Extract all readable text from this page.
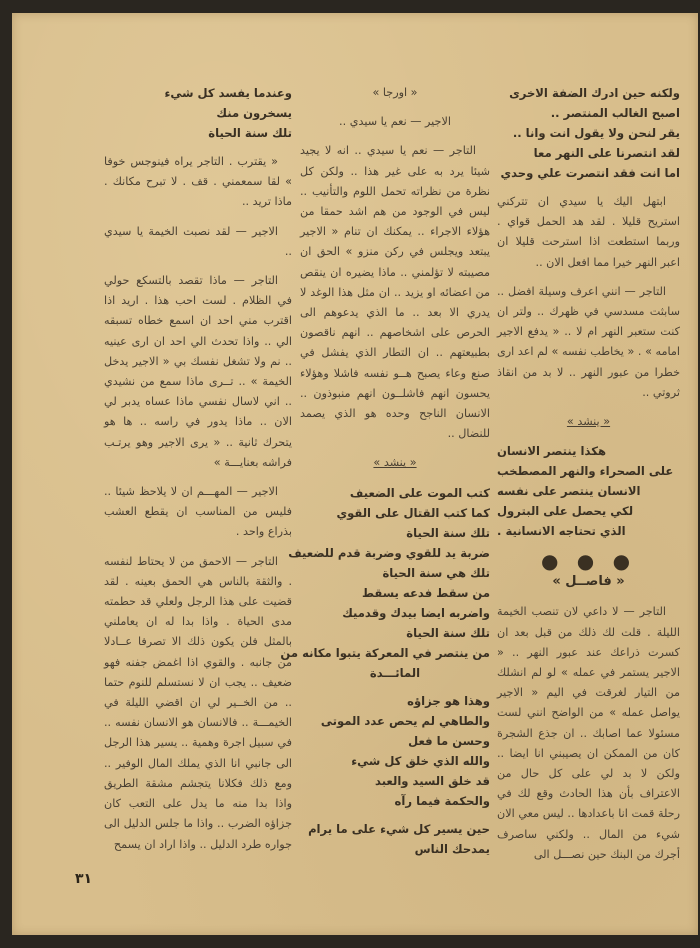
ولكنه حين ادرك الضفة الاخرى
اصبح الغالب المنتصر ..
يقر لنحن ولا يقول انت وانا ..
لقد انتصرنا على النهر معا
اما انت فقد انتصرت علي وحدي

ابتهل اليك يا سيدي ان تتركني استريح قليلا . لقد هد الحمل قواي . وربما استطعت اذا استرحت قليلا ان اعبر النهر خيرا مما افعل الان ..

التاجر — انني اعرف وسيلة افضل .. سابثت مسدسي في ظهرك .. ولتر ان كنت ستعبر النهر ام لا .. « يدفع الاجير امامه » . « يخاطب نفسه » لم اعد ارى خطرا من عبور النهر .. لا بد من انقاذ ثروتي ..

« ينشد »

هكذا ينتصر الانسان
على الصحراء والنهر المصطخب
الانسان ينتصر على نفسه
لكي يحصل على البترول
الذي تحتاجه الانسانية .
● ● ●
« فاصــل »

التاجر — لا داعي لان تنصب الخيمة الليلة . قلت لك ذلك من قبل بعد ان كسرت ذراعك عند عبور النهر .. « الاجير يستمر في عمله » لو لم انشلك من التيار لغرقت في اليم « الاجير يواصل عمله » من الواضح انني لست مسئولا عما اصابك .. ان جذع الشجرة كان من الممكن ان يصيبني انا ايضا .. ولكن لا بد لي على كل حال من الاعتراف بأن هذا الحادث وقع لك في رحلة قمت انا باعدادها .. ليس معي الان شيء من المال .. ولكني ساصرف أجرك من البنك حين نصـــل الى

« اورجا »

الاجير — نعم يا سيدي ..

التاجر — نعم يا سيدي .. انه لا يجيد شيئا يرد به على غير هذا .. ولكن كل نظرة من نظراته تحمل اللوم والتأنيب .. ليس في الوجود من هم اشد حمقا من هؤلاء الاجراء .. يمكنك ان تنام « الاجير يبتعد ويجلس في ركن منزو » الحق ان مصيبته لا تؤلمني .. ماذا يضيره ان ينقص من اعضائه او يزيد .. ان مثل هذا الوغد لا يدري الا بعد .. ما الذي يدعوهم الى الحرص على اشخاصهم .. انهم ناقصون بطبيعتهم .. ان التطار الذي يفشل في صنع وعاء يصبح هــو نفسه فاشلا وهؤلاء يحسون انهم فاشلــون انهم منبوذون .. الانسان الناجح وحده هو الذي يصمد للنضال ..

« ينشد »

كتب الموت على الضعيف
كما كتب القتال على القوي
تلك سنة الحياة
ضربة يد للقوي وضربة قدم للضعيف
تلك هي سنة الحياة
من سقط فدعه يسقط
واضربه ايضا بيدك وقدميك
تلك سنة الحياة
من ينتصر في المعركة يتبوا مكانه من
المائـــدة
وهذا هو جزاؤه
والطاهي لم يحص عدد الموتى
وحسن ما فعل
والله الذي خلق كل شيء
قد خلق السيد والعبد
والحكمة فيما رآه
حين يسير كل شيء على ما يرام
يمدحك الناس
وعندما يفسد كل شيء
يسخرون منك
تلك سنة الحياة

« يقترب . التاجر يراه فينوجس خوفا » لقا سمعمني . قف . لا تبرح مكانك . ماذا تريد ..

الاجير — لقد نصبت الخيمة يا سيدي ..

التاجر — ماذا تقصد بالتسكع حولي في الظلام . لست احب هذا . اريد اذا اقترب مني احد ان اسمع خطاه تسبقه الي .. واذا تحدث الي احد ان ارى عينيه .. نم ولا تشغل نفسك بي « الاجير يدخل الخيمة » .. تــرى ماذا سمع من نشيدي .. اني لاسال نفسي ماذا عساه يدبر لي الان .. ماذا يدور في راسه .. ها هو يتحرك ثانية .. « يرى الاجير وهو يرتـب فراشه بعنايـــة »

الاجير — المهـــم ان لا يلاحظ شيئا .. فليس من المناسب ان يقطع العشب بذراع واحد .

التاجر — الاحمق من لا يحتاط لنفسه . والثقة بالناس هي الحمق بعينه . لقد قضيت على هذا الرجل ولعلي قد حطمته مدى الحياة . واذا بدا له ان يعاملني بالمثل فلن يكون ذلك الا تصرفا عــادلا من جانبه . والقوي اذا اغمض جفنه فهو ضعيف .. يجب ان لا نستسلم للنوم حتما .. من الخــير لي ان اقضي الليلة في الخيمـــة .. فالانسان هو الانسان نفسه .. في سبيل اجرة وهمية .. يسير هذا الرجل الى جانبي انا الذي يملك المال الوفير .. ومع ذلك فكلانا يتجشم مشقة الطريق واذا بدا منه ما يدل على التعب كان جزاؤه الضرب .. واذا ما جلس الدليل الى جواره طرد الدليل .. واذا اراد ان يسمح

٣١
